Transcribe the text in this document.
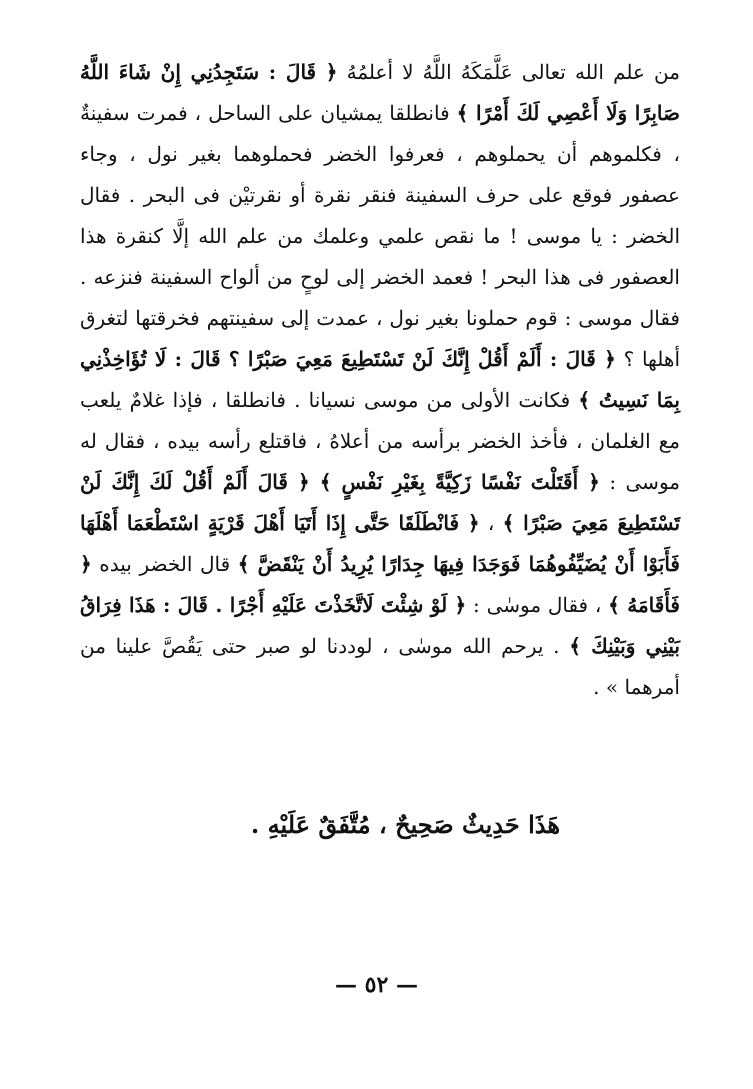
من علم الله تعالى عَلَّمَكَهُ اللَّهُ لا أعلمُهُ ﴿ قَالَ : سَتَجِدُنِي إِنْ شَاءَ اللَّهُ صَابِرًا وَلَا أَعْصِي لَكَ أَمْرًا ﴾ فانطلقا يمشيان على الساحل ، فمرت سفينةٌ ، فكلموهم أن يحملوهم ، فعرفوا الخضر فحملوهما بغير نول ، وجاء عصفور فوقع على حرف السفينة فنقر نقرة أو نقرتيْن فى البحر . فقال الخضر : يا موسى ! ما نقص علمي وعلمك من علم الله إلَّا كنقرة هذا العصفور فى هذا البحر ! فعمد الخضر إلى لوحٍ من ألواح السفينة فنزعه . فقال موسى : قوم حملونا بغير نول ، عمدت إلى سفينتهم فخرقتها لتغرق أهلها ؟ ﴿ قَالَ : أَلَمْ أَقُلْ إِنَّكَ لَنْ تَسْتَطِيعَ مَعِيَ صَبْرًا ؟ قَالَ : لَا تُؤَاخِذْنِي بِمَا نَسِيتُ ﴾ فكانت الأولى من موسى نسيانا . فانطلقا ، فإذا غلامٌ يلعب مع الغلمان ، فأخذ الخضر برأسه من أعلاهُ ، فاقتلع رأسه بيده ، فقال له موسى : ﴿ أَقَتَلْتَ نَفْسًا زَكِيَّةً بِغَيْرِ نَفْسٍ ﴾ ﴿ قَالَ أَلَمْ أَقُلْ لَكَ إِنَّكَ لَنْ تَسْتَطِيعَ مَعِيَ صَبْرًا ﴾ ، ﴿ فَانْطَلَقَا حَتَّى إِذَا أَتَيَا أَهْلَ قَرْيَةٍ اسْتَطْعَمَا أَهْلَهَا فَأَبَوْا أَنْ يُضَيِّفُوهُمَا فَوَجَدَا فِيهَا جِدَارًا يُرِيدُ أَنْ يَنْقَضَّ ﴾ قال الخضر بيده ﴿ فَأَقَامَهُ ﴾ ، فقال موسٰى : ﴿ لَوْ شِئْتَ لَاتَّخَذْتَ عَلَيْهِ أَجْرًا . قَالَ : هَذَا فِرَاقُ بَيْنِي وَبَيْنِكَ ﴾ . يرحم الله موسٰى ، لوددنا لو صبر حتى يَقُصَّ علينا من أمرهما » .

هَذَا حَدِيثٌ صَحِيحٌ ، مُتَّفَقٌ عَلَيْهِ .
— ٥٢ —
